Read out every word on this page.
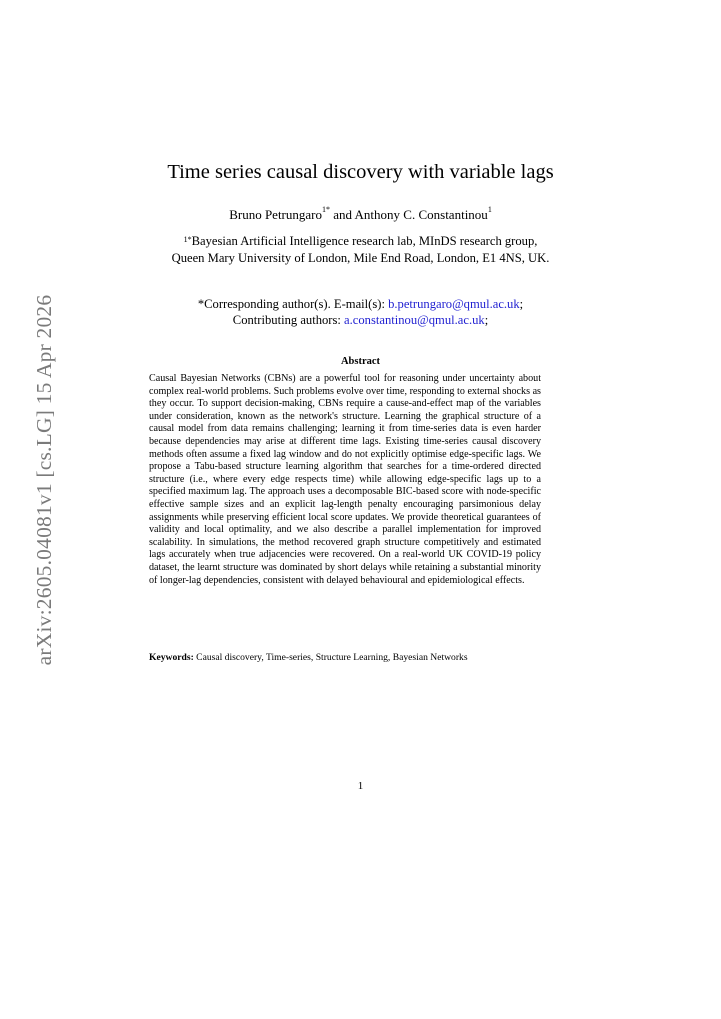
arXiv:2605.04081v1 [cs.LG] 15 Apr 2026
Time series causal discovery with variable lags
Bruno Petrungaro$^{1*}$ and Anthony C. Constantinou$^1$
$^{1*}$Bayesian Artificial Intelligence research lab, MInDS research group,
Queen Mary University of London, Mile End Road, London, E1 4NS, UK.
*Corresponding author(s). E-mail(s): b.petrungaro@qmul.ac.uk;
Contributing authors: a.constantinou@qmul.ac.uk;
Abstract
Causal Bayesian Networks (CBNs) are a powerful tool for reasoning under uncertainty about complex real-world problems. Such problems evolve over time, responding to external shocks as they occur. To support decision-making, CBNs require a cause-and-effect map of the variables under consideration, known as the network's structure. Learning the graphical structure of a causal model from data remains challenging; learning it from time-series data is even harder because dependencies may arise at different time lags. Existing time-series causal discovery methods often assume a fixed lag window and do not explicitly optimise edge-specific lags. We propose a Tabu-based structure learning algorithm that searches for a time-ordered directed structure (i.e., where every edge respects time) while allowing edge-specific lags up to a specified maximum lag. The approach uses a decomposable BIC-based score with node-specific effective sample sizes and an explicit lag-length penalty encouraging parsimonious delay assignments while preserving efficient local score updates. We provide theoretical guarantees of validity and local optimality, and we also describe a parallel implementation for improved scalability. In simulations, the method recovered graph structure competitively and estimated lags accurately when true adjacencies were recovered. On a real-world UK COVID-19 policy dataset, the learnt structure was dominated by short delays while retaining a substantial minority of longer-lag dependencies, consistent with delayed behavioural and epidemiological effects.
Keywords: Causal discovery, Time-series, Structure Learning, Bayesian Networks
1
